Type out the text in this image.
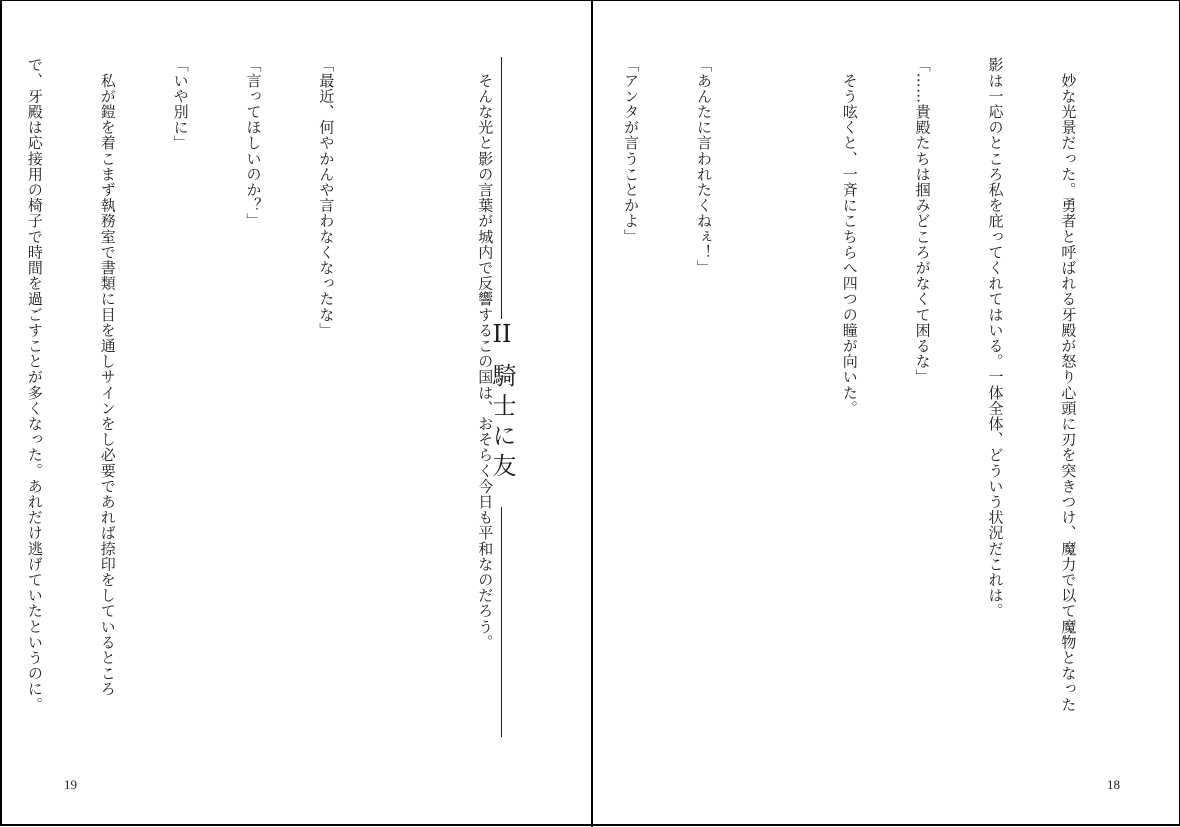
「最近、何やかんや言わなくなったな」

「言ってほしいのか？」

「いや別に」

　私が鎧を着こまず執務室で書類に目を通しサインをし必要であれば捺印をしているところ

で、牙殿は応接用の椅子で時間を過ごすことが多くなった。あれだけ逃げていたというのに。

	II
騎士に友
19

　妙な光景だった。勇者と呼ばれる牙殿が怒り心頭に刃を突きつけ、魔力で以て魔物となった

影は一応のところ私を庇ってくれてはいる。一体全体、どういう状況だこれは。

「……貴殿たちは掴みどころがなくて困るな」

　そう呟くと、一斉にこちらへ四つの瞳が向いた。

「あんたに言われたくねぇ！」

「アンタが言うことかよ」

　そんな光と影の言葉が城内で反響するこの国は、おそらく今日も平和なのだろう。

18
